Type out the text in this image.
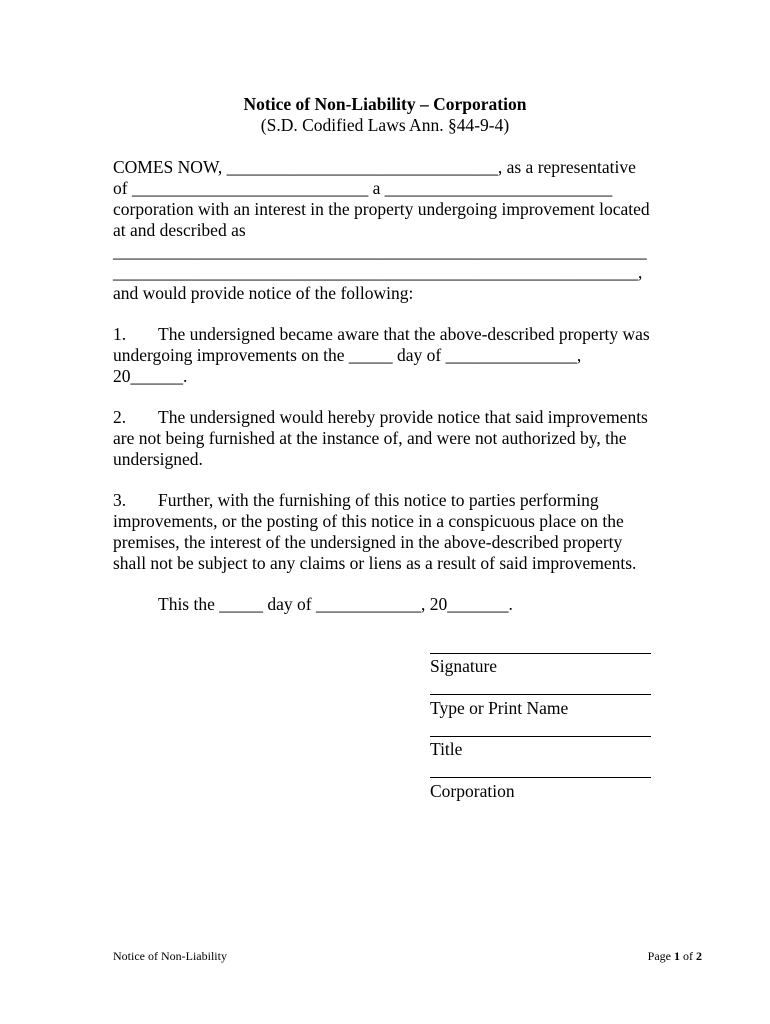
Notice of Non-Liability – Corporation
(S.D. Codified Laws Ann. §44-9-4)
COMES NOW, _______________________________, as a representative
of ___________________________ a __________________________
corporation with an interest in the property undergoing improvement located
at and described as
_____________________________________________________________
____________________________________________________________,
and would provide notice of the following:
1. The undersigned became aware that the above-described property was
undergoing improvements on the _____ day of _______________,
20______.
2. The undersigned would hereby provide notice that said improvements
are not being furnished at the instance of, and were not authorized by, the
undersigned.
3. Further, with the furnishing of this notice to parties performing
improvements, or the posting of this notice in a conspicuous place on the
premises, the interest of the undersigned in the above-described property
shall not be subject to any claims or liens as a result of said improvements.
This the _____ day of ____________, 20_______.
Signature
Type or Print Name
Title
Corporation
Notice of Non-Liability	Page 1 of 2
